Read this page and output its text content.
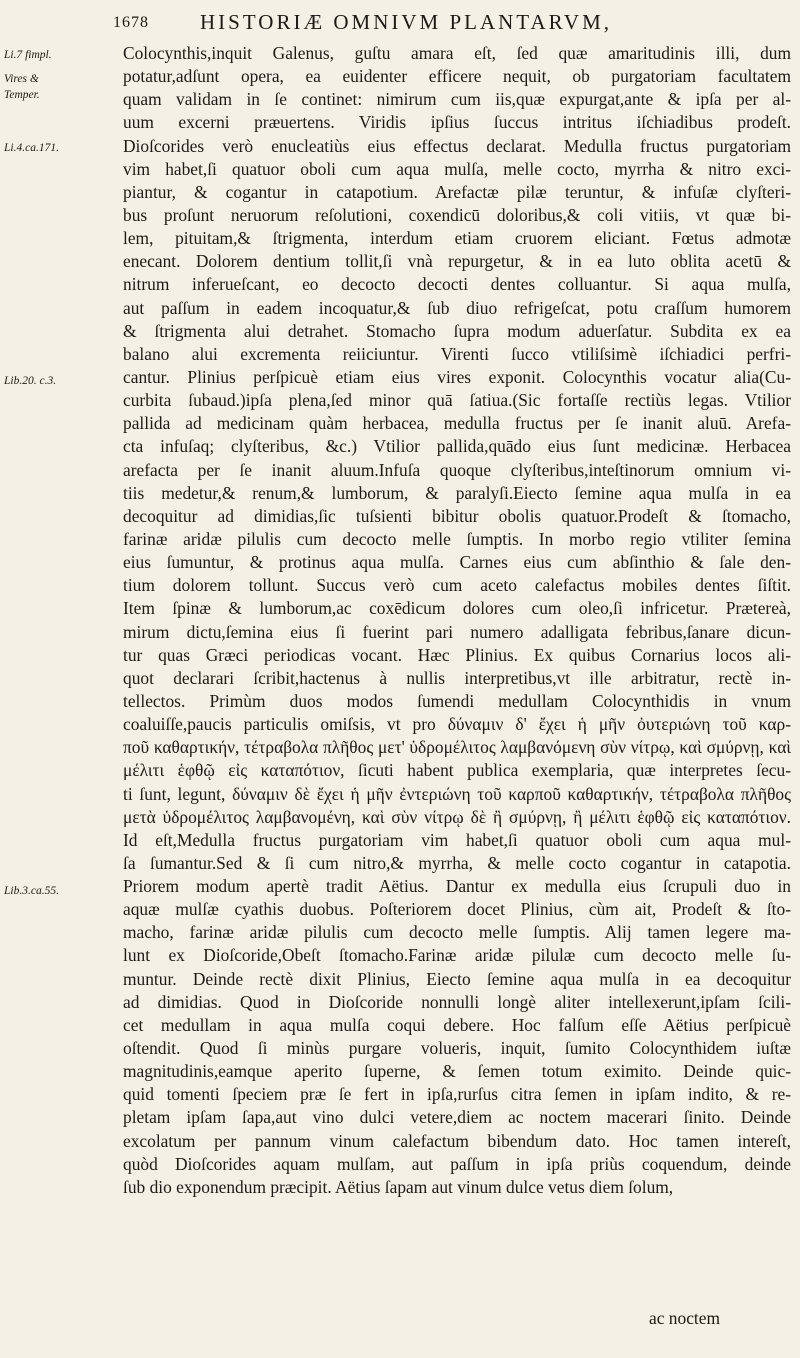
1678 HISTORIÆ OMNIVM PLANTARVM,
Li.7 fimpl.
Vires & Temper.
Li.4.ca.171.
Lib.20. c.3.
Lib.3.ca.55.
Colocynthis,inquit Galenus, guſtu amara eſt, ſed quæ amaritudinis illi, dum
potatur,adſunt opera, ea euidenter efficere nequit, ob purgatoriam facultatem
quam validam in ſe continet: nimirum cum iis,quæ expurgat,ante & ipſa per al-
uum excerni præuertens. Viridis ipſius ſuccus intritus iſchiadibus prodeſt.
Dioſcorides verò enucleatiùs eius effectus declarat. Medulla fructus purgatoriam
vim habet,ſi quatuor oboli cum aqua mulſa, melle cocto, myrrha & nitro exci-
piantur, & cogantur in catapotium. Arefactæ pilæ teruntur, & infuſæ clyſteri-
bus proſunt neruorum reſolutioni, coxendicū doloribus,& coli vitiis, vt quæ bi-
lem, pituitam,& ſtrigmenta, interdum etiam cruorem eliciant. Fœtus admotæ
enecant. Dolorem dentium tollit,ſi vnà repurgetur, & in ea luto oblita acetū &
nitrum inferueſcant, eo decocto decocti dentes colluantur. Si aqua mulſa,
aut paſſum in eadem incoquatur,& ſub diuo refrigeſcat, potu craſſum humorem
& ſtrigmenta alui detrahet. Stomacho ſupra modum aduerſatur. Subdita ex ea
balano alui excrementa reiiciuntur. Virenti ſucco vtiliſsimè iſchiadici perfri-
cantur. Plinius perſpicuè etiam eius vires exponit. Colocynthis vocatur alia(Cu-
curbita ſubaud.)ipſa plena,ſed minor quā ſatiua.(Sic fortaſſe rectiùs legas. Vtilior
pallida ad medicinam quàm herbacea, medulla fructus per ſe inanit aluū. Arefa-
cta infuſaq; clyſteribus, &c.) Vtilior pallida,quādo eius ſunt medicinæ. Herbacea
arefacta per ſe inanit aluum.Infuſa quoque clyſteribus,inteſtinorum omnium vi-
tiis medetur,& renum,& lumborum, & paralyſi.Eiecto ſemine aqua mulſa in ea
decoquitur ad dimidias,ſic tuſsienti bibitur obolis quatuor.Prodeſt & ſtomacho,
farinæ aridæ pilulis cum decocto melle ſumptis. In morbo regio vtiliter ſemina
eius ſumuntur, & protinus aqua mulſa. Carnes eius cum abſinthio & ſale den-
tium dolorem tollunt. Succus verò cum aceto calefactus mobiles dentes ſiſtit.
Item ſpinæ & lumborum,ac coxēdicum dolores cum oleo,ſi infricetur. Prætereà,
mirum dictu,ſemina eius ſi fuerint pari numero adalligata febribus,ſanare dicun-
tur quas Græci periodicas vocant. Hæc Plinius. Ex quibus Cornarius locos ali-
quot declarari ſcribit,hactenus à nullis interpretibus,vt ille arbitratur, rectè in-
tellectos. Primùm duos modos ſumendi medullam Colocynthidis in vnum
coaluiſſe,paucis particulis omiſsis, vt pro δύναμιν δ' ἔχει ἡ μῆν ὀυτεριώνη τοῦ καρ-
ποῦ καθαρτικήν, τέτραβολα πλῆθος μετ' ὑδρομέλιτος λαμβανόμενη σὺν νίτρῳ, καὶ σμύρνῃ, καὶ
μέλιτι ἑφθῷ εἰς καταπότιον, ſicuti habent publica exemplaria, quæ interpretes ſecu-
ti ſunt, legunt, δύναμιν δὲ ἔχει ἡ μῆν ἐντεριώνη τοῦ καρποῦ καθαρτικήν, τέτραβολα πλῆθος
μετὰ ὑδρομέλιτος λαμβανομένη, καὶ σὺν νίτρῳ δὲ ἢ σμύρνῃ, ἢ μέλιτι ἑφθῷ εἰς καταπότιον.
Id eſt,Medulla fructus purgatoriam vim habet,ſi quatuor oboli cum aqua mul-
ſa ſumantur.Sed & ſi cum nitro,& myrrha, & melle cocto cogantur in catapotia.
Priorem modum apertè tradit Aëtius. Dantur ex medulla eius ſcrupuli duo in
aquæ mulſæ cyathis duobus. Poſteriorem docet Plinius, cùm ait, Prodeſt & ſto-
macho, farinæ aridæ pilulis cum decocto melle ſumptis. Alij tamen legere ma-
lunt ex Dioſcoride,Obeſt ſtomacho.Farinæ aridæ pilulæ cum decocto melle ſu-
muntur. Deinde rectè dixit Plinius, Eiecto ſemine aqua mulſa in ea decoquitur
ad dimidias. Quod in Dioſcoride nonnulli longè aliter intellexerunt,ipſam ſcili-
cet medullam in aqua mulſa coqui debere. Hoc falſum eſſe Aëtius perſpicuè
oſtendit. Quod ſi minùs purgare volueris, inquit, ſumito Colocynthidem iuſtæ
magnitudinis,eamque aperito ſuperne, & ſemen totum eximito. Deinde quic-
quid tomenti ſpeciem præ ſe fert in ipſa,rurſus citra ſemen in ipſam indito, & re-
pletam ipſam ſapa,aut vino dulci vetere,diem ac noctem macerari ſinito. Deinde
excolatum per pannum vinum calefactum bibendum dato. Hoc tamen intereſt,
quòd Dioſcorides aquam mulſam, aut paſſum in ipſa priùs coquendum, deinde
ſub dio exponendum præcipit. Aëtius ſapam aut vinum dulce vetus diem ſolum,
ac noctem
